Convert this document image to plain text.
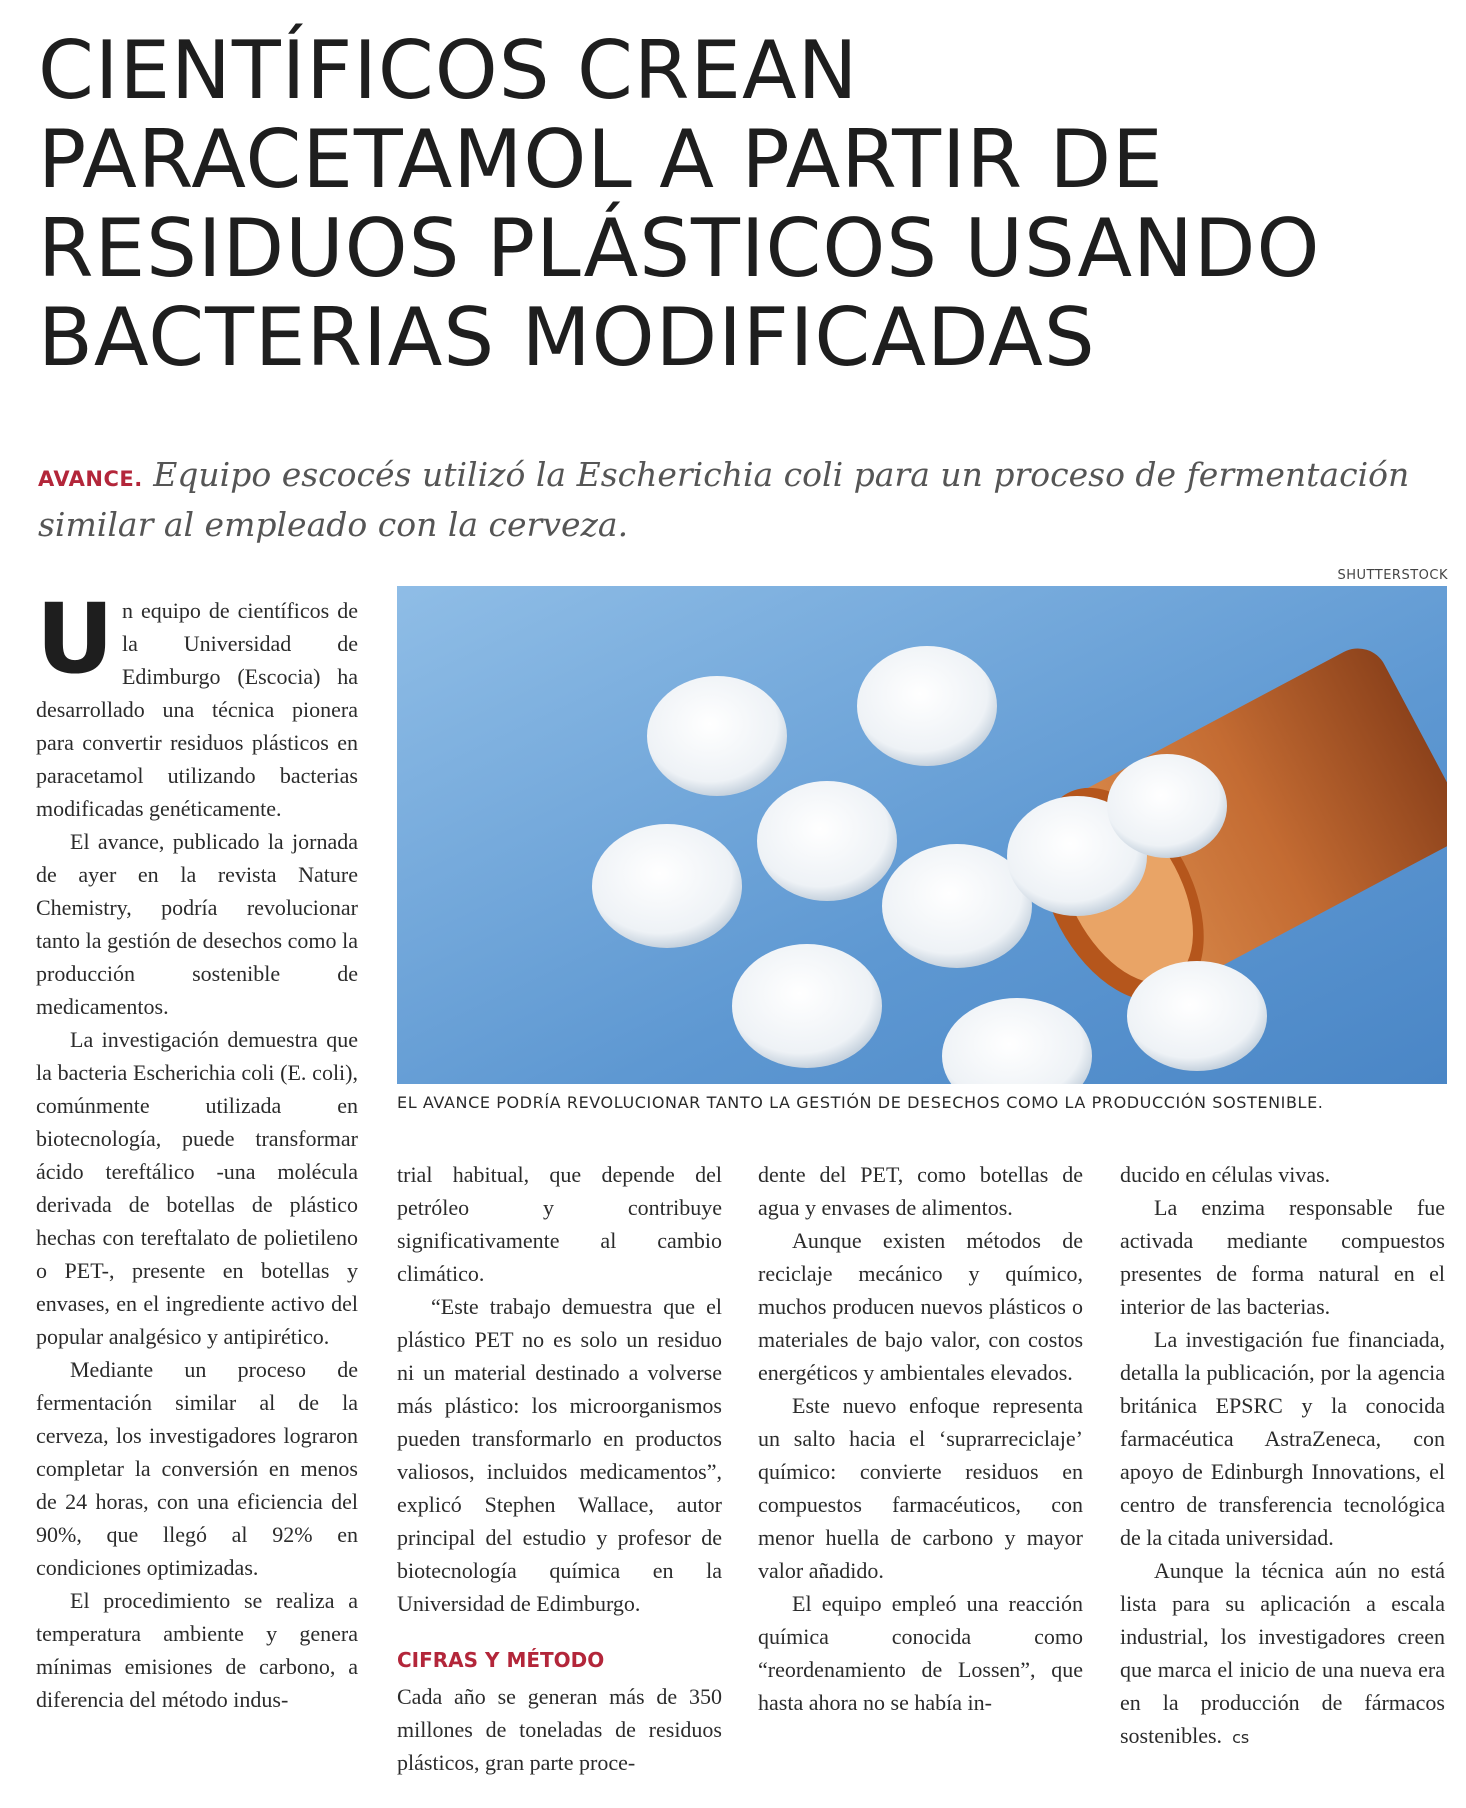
CIENTÍFICOS CREAN
PARACETAMOL A PARTIR DE
RESIDUOS PLÁSTICOS USANDO
BACTERIAS MODIFICADAS
AVANCE. Equipo escocés utilizó la Escherichia coli para un proceso de fermentación similar al empleado con la cerveza.
SHUTTERSTOCK
EL AVANCE PODRÍA REVOLUCIONAR TANTO LA GESTIÓN DE DESECHOS COMO LA PRODUCCIÓN SOSTENIBLE.

Un equipo de científicos de la Universidad de Edimburgo (Escocia) ha desarrollado una técnica pionera para convertir residuos plásticos en paracetamol utilizando bacterias modificadas genéticamente.

El avance, publicado la jornada de ayer en la revista Nature Chemistry, podría revolucionar tanto la gestión de desechos como la producción sostenible de medicamentos.

La investigación demuestra que la bacteria Escherichia coli (E. coli), comúnmente utilizada en biotecnología, puede transformar ácido tereftálico -una molécula derivada de botellas de plástico hechas con tereftalato de polietileno o PET-, presente en botellas y envases, en el ingrediente activo del popular analgésico y antipirético.

Mediante un proceso de fermentación similar al de la cerveza, los investigadores lograron completar la conversión en menos de 24 horas, con una eficiencia del 90%, que llegó al 92% en condiciones optimizadas.

El procedimiento se realiza a temperatura ambiente y genera mínimas emisiones de carbono, a diferencia del método indus-

trial habitual, que depende del petróleo y contribuye significativamente al cambio climático.

“Este trabajo demuestra que el plástico PET no es solo un residuo ni un material destinado a volverse más plástico: los microorganismos pueden transformarlo en productos valiosos, incluidos medicamentos”, explicó Stephen Wallace, autor principal del estudio y profesor de biotecnología química en la Universidad de Edimburgo.

CIFRAS Y MÉTODO

Cada año se generan más de 350 millones de toneladas de residuos plásticos, gran parte proce-

dente del PET, como botellas de agua y envases de alimentos.

Aunque existen métodos de reciclaje mecánico y químico, muchos producen nuevos plásticos o materiales de bajo valor, con costos energéticos y ambientales elevados.

Este nuevo enfoque representa un salto hacia el ‘suprarreciclaje’ químico: convierte residuos en compuestos farmacéuticos, con menor huella de carbono y mayor valor añadido.

El equipo empleó una reacción química conocida como “reordenamiento de Lossen”, que hasta ahora no se había in-

ducido en células vivas.

La enzima responsable fue activada mediante compuestos presentes de forma natural en el interior de las bacterias.

La investigación fue financiada, detalla la publicación, por la agencia británica EPSRC y la conocida farmacéutica AstraZeneca, con apoyo de Edinburgh Innovations, el centro de transferencia tecnológica de la citada universidad.

Aunque la técnica aún no está lista para su aplicación a escala industrial, los investigadores creen que marca el inicio de una nueva era en la producción de fármacos sostenibles. cs
